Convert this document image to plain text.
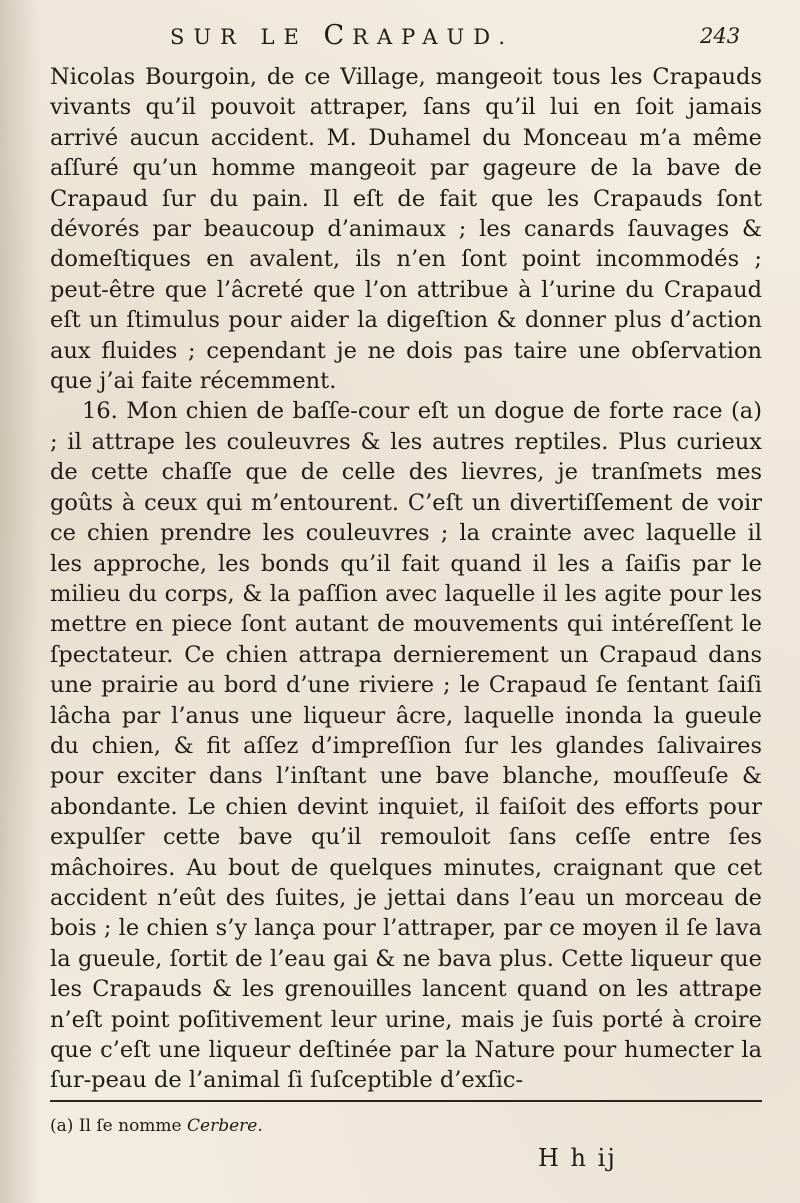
SUR LE CRAPAUD.	243

Nicolas Bourgoin, de ce Village, mangeoit tous les Crapauds vivants qu’il pouvoit attraper, ſans qu’il lui en ſoit jamais arrivé aucun accident. M. Duhamel du Monceau m’a même aſſuré qu’un homme mangeoit par gageure de la bave de Crapaud ſur du pain. Il eſt de fait que les Crapauds ſont dévorés par beaucoup d’animaux ; les canards ſauvages & domeſtiques en avalent, ils n’en ſont point incommodés ; peut-être que l’âcreté que l’on attribue à l’urine du Crapaud eſt un ſtimulus pour aider la digeſtion & donner plus d’action aux fluides ; cependant je ne dois pas taire une obſervation que j’ai faite récemment.

16. Mon chien de baſſe-cour eſt un dogue de forte race (a) ; il attrape les couleuvres & les autres reptiles. Plus curieux de cette chaſſe que de celle des lievres, je tranſmets mes goûts à ceux qui m’entourent. C’eſt un divertiſſement de voir ce chien prendre les couleuvres ; la crainte avec laquelle il les approche, les bonds qu’il fait quand il les a ſaiſis par le milieu du corps, & la paſſion avec laquelle il les agite pour les mettre en piece ſont autant de mouvements qui intéreſſent le ſpectateur. Ce chien attrapa dernierement un Crapaud dans une prairie au bord d’une riviere ; le Crapaud ſe ſentant ſaiſi lâcha par l’anus une liqueur âcre, laquelle inonda la gueule du chien, & fit aſſez d’impreſſion ſur les glandes ſalivaires pour exciter dans l’inſtant une bave blanche, mouſſeuſe & abondante. Le chien devint inquiet, il faiſoit des efforts pour expulſer cette bave qu’il remouloit ſans ceſſe entre ſes mâchoires. Au bout de quelques minutes, craignant que cet accident n’eût des ſuites, je jettai dans l’eau un morceau de bois ; le chien s’y lança pour l’attraper, par ce moyen il ſe lava la gueule, ſortit de l’eau gai & ne bava plus. Cette liqueur que les Crapauds & les grenouilles lancent quand on les attrape n’eſt point poſitivement leur urine, mais je ſuis porté à croire que c’eſt une liqueur deſtinée par la Nature pour humecter la ſur-peau de l’animal ſi ſuſceptible d’exſic-

(a) Il ſe nomme Cerbere.
H h ij
